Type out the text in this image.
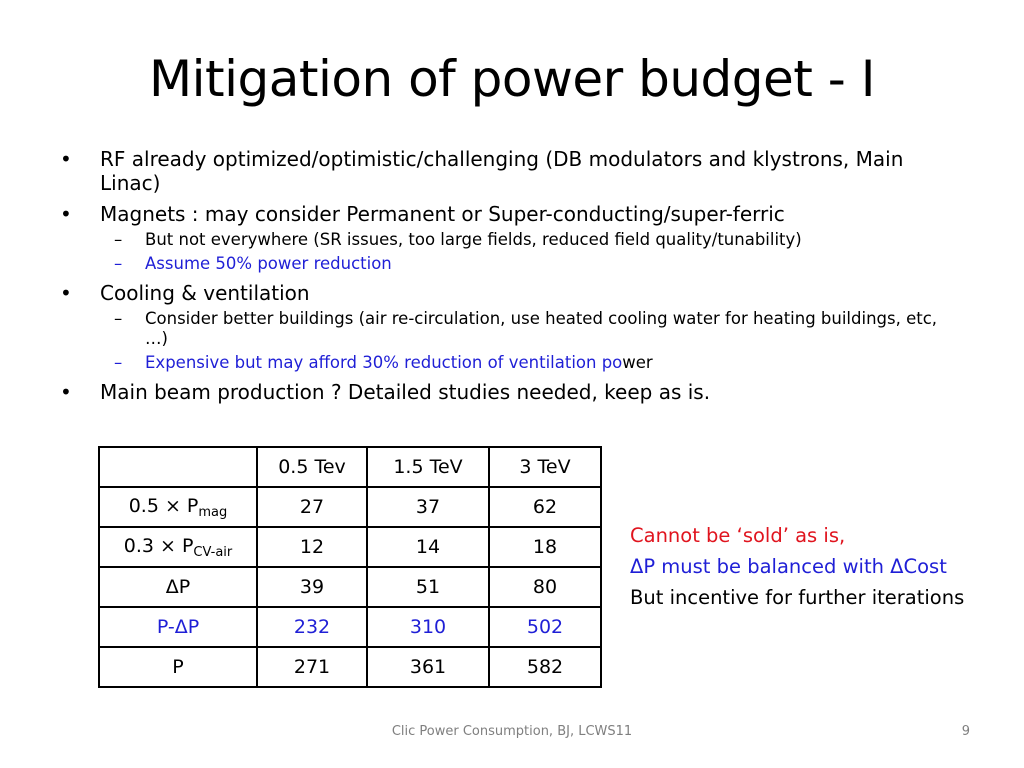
Mitigation of power budget - I
• RF already optimized/optimistic/challenging (DB modulators and klystrons, Main Linac)
• Magnets : may consider Permanent or Super-conducting/super-ferric
– But not everywhere (SR issues, too large fields, reduced field quality/tunability)
– Assume 50% power reduction
• Cooling & ventilation
– Consider better buildings (air re-circulation, use heated cooling water for heating buildings, etc, …)
– Expensive but may afford 30% reduction of ventilation power
• Main beam production ? Detailed studies needed, keep as is.
	0.5 Tev	1.5 TeV	3 TeV
$0.5 \times P_{mag}$	27	37	62
$0.3 \times P_{CV-air}$	12	14	18
ΔP	39	51	80
P-ΔP	232	310	502
P	271	361	582
Cannot be ‘sold’ as is,
ΔP must be balanced with ΔCost
But incentive for further iterations
Clic Power Consumption, BJ, LCWS11	9
